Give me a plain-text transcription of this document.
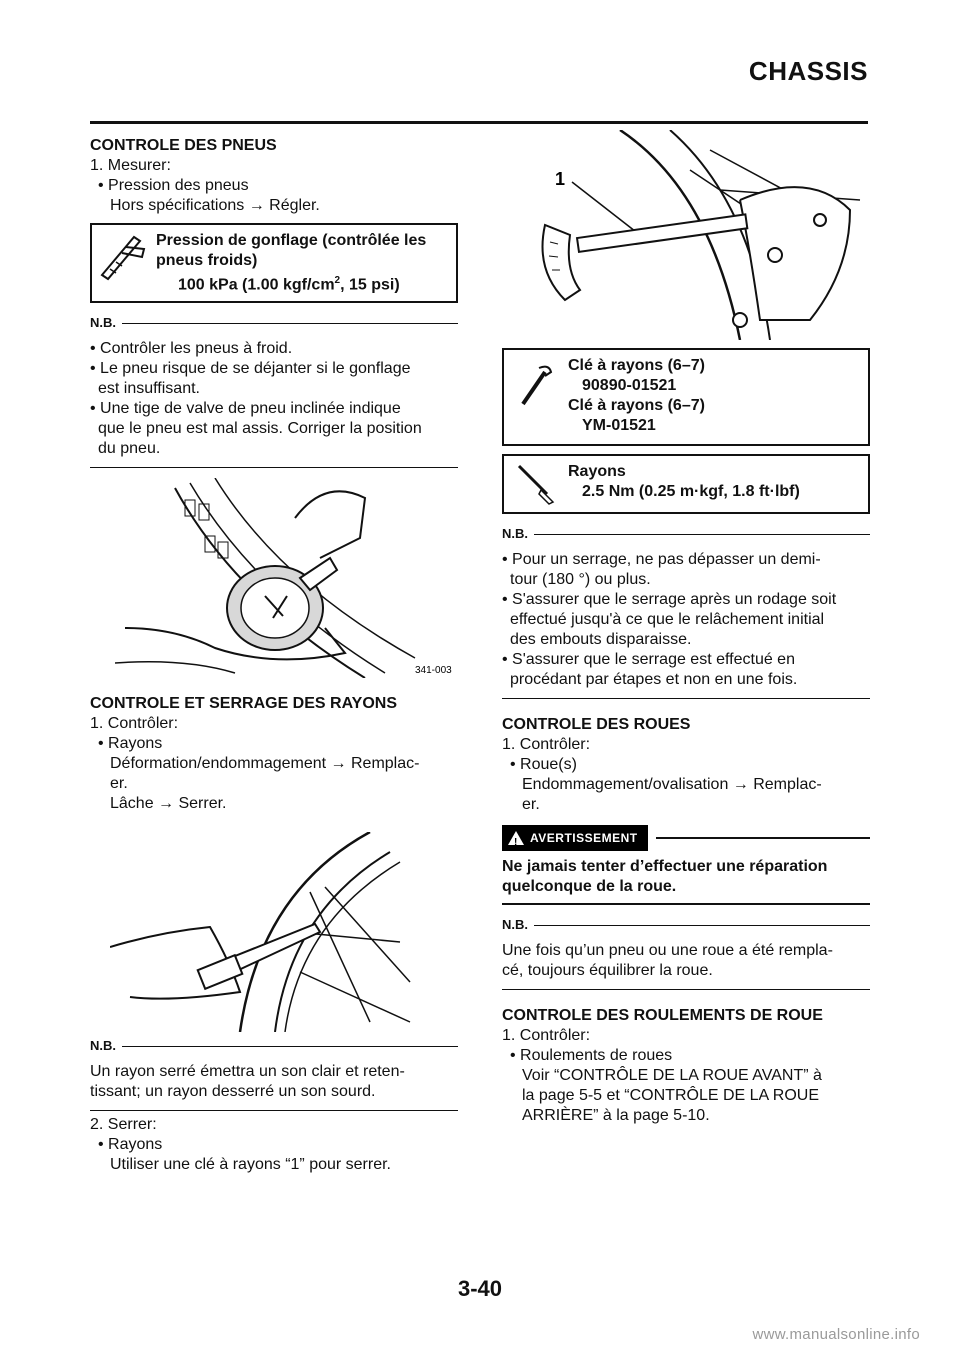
CHASSIS
CONTROLE DES PNEUS

1. Mesurer:

• Pression des pneus

Hors spécifications → Régler.

Pression de gonflage (contrôlée les
pneus froids)
100 kPa (1.00 kgf/$cm^2$, 15 psi)
N.B.

• Contrôler les pneus à froid.

• Le pneu risque de se déjanter si le gonflage

est insuffisant.

• Une tige de valve de pneu inclinée indique

que le pneu est mal assis. Corriger la position

du pneu.

341-003
CONTROLE ET SERRAGE DES RAYONS

1. Contrôler:

• Rayons

Déformation/endommagement → Remplac-

er.

Lâche → Serrer.

N.B.

Un rayon serré émettra un son clair et reten-

tissant; un rayon desserré un son sourd.

2. Serrer:

• Rayons

Utiliser une clé à rayons “1” pour serrer.

1
Clé à rayons (6–7)
90890-01521
Clé à rayons (6–7)
YM-01521
Rayons
2.5 Nm (0.25 m·kgf, 1.8 ft·lbf)
N.B.

• Pour un serrage, ne pas dépasser un demi-

tour (180 °) ou plus.

• S'assurer que le serrage après un rodage soit

effectué jusqu'à ce que le relâchement initial

des embouts disparaisse.

• S'assurer que le serrage est effectué en

procédant par étapes et non en une fois.

CONTROLE DES ROUES

1. Contrôler:

• Roue(s)

Endommagement/ovalisation → Remplac-

er.

! AVERTISSEMENT

Ne jamais tenter d’effectuer une réparation

quelconque de la roue.

N.B.

Une fois qu’un pneu ou une roue a été rempla-

cé, toujours équilibrer la roue.

CONTROLE DES ROULEMENTS DE ROUE

1. Contrôler:

• Roulements de roues

Voir “CONTRÔLE DE LA ROUE AVANT” à

la page 5-5 et “CONTRÔLE DE LA ROUE

ARRIÈRE” à la page 5-10.

3-40
www.manualsonline.info
